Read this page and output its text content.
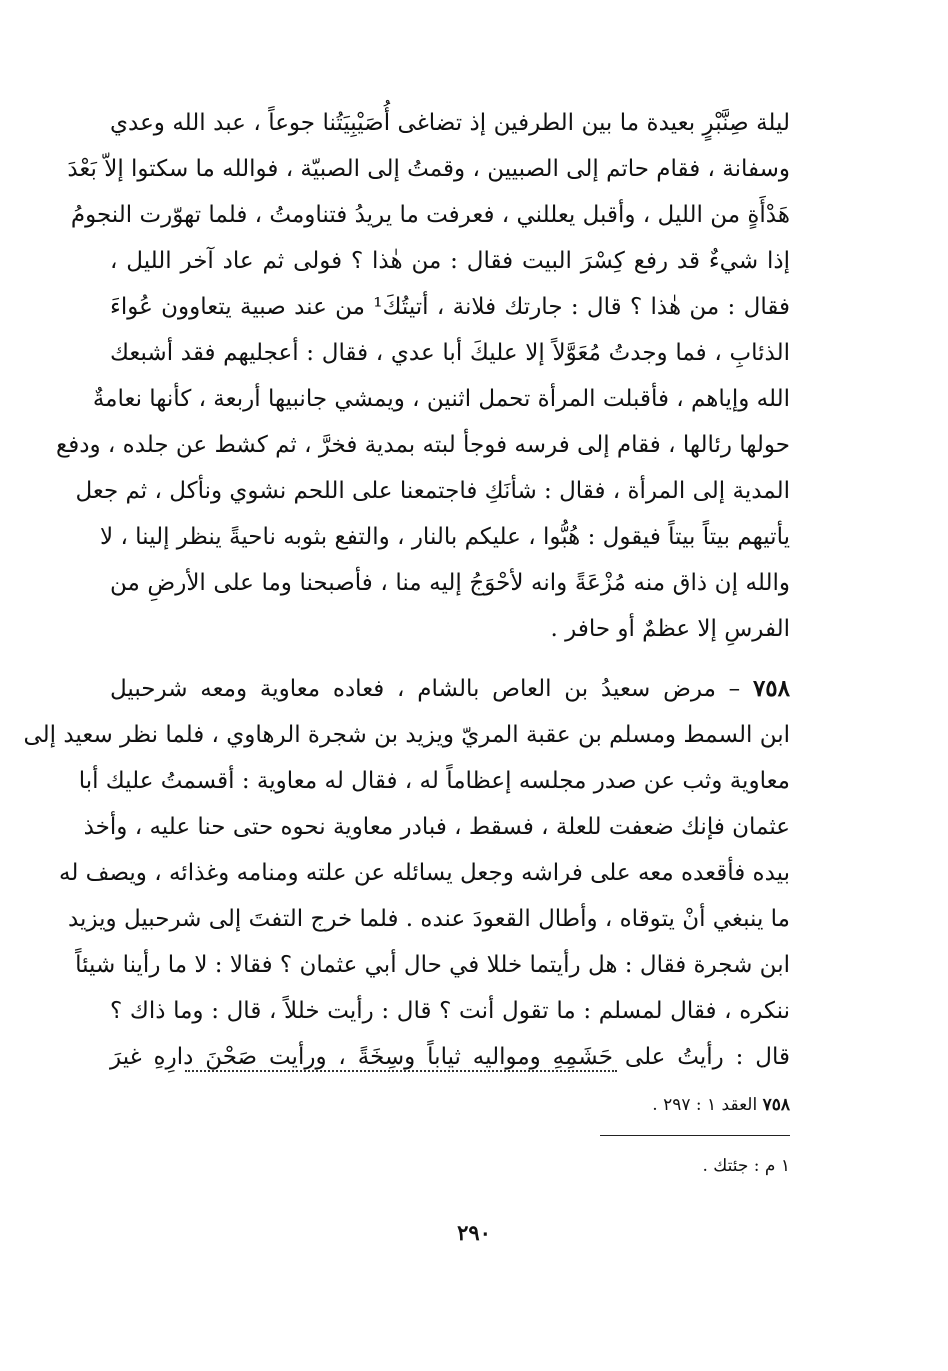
ليلة صِنَّبْرٍ بعيدة ما بين الطرفين إذ تضاغى أُصَيْبِيَتُنا جوعاً ، عبد الله وعدي
وسفانة ، فقام حاتم إلى الصبيين ، وقمتُ إلى الصبيّة ، فوالله ما سكتوا إلاّ بَعْدَ
هَدْأَةٍ من الليل ، وأقبل يعللني ، فعرفت ما يريدُ فتناومتُ ، فلما تهوّرت النجومُ
إذا شيءٌ قد رفع كِسْرَ البيت فقال : من هٰذا ؟ فولى ثم عاد آخر الليل ،
فقال : من هٰذا ؟ قال : جارتك فلانة ، أتيتُكَ¹ من عند صبية يتعاوون عُواءَ
الذئابِ ، فما وجدتُ مُعَوَّلاً إلا عليكَ أبا عدي ، فقال : أعجليهم فقد أشبعك
الله وإياهم ، فأقبلت المرأة تحمل اثنين ، ويمشي جانبيها أربعة ، كأنها نعامةٌ
حولها رئالها ، فقام إلى فرسه فوجأ لبته بمدية فخرَّ ، ثم كشط عن جلده ، ودفع
المدية إلى المرأة ، فقال : شأنَكِ فاجتمعنا على اللحم نشوي ونأكل ، ثم جعل
يأتيهم بيتاً بيتاً فيقول : هُبُّوا ، عليكم بالنار ، والتفع بثوبه ناحيةً ينظر إلينا ، لا
والله إن ذاق منه مُزْعَةً وانه لأحْوَجُ إليه منا ، فأصبحنا وما على الأرضِ من
الفرسِ إلا عظمٌ أو حافر .
٧٥٨ – مرض سعيدُ بن العاص بالشام ، فعاده معاوية ومعه شرحبيل
ابن السمط ومسلم بن عقبة المريّ ويزيد بن شجرة الرهاوي ، فلما نظر سعيد إلى
معاوية وثب عن صدر مجلسه إعظاماً له ، فقال له معاوية : أقسمتُ عليك أبا
عثمان فإنك ضعفت للعلة ، فسقط ، فبادر معاوية نحوه حتى حنا عليه ، وأخذ
بيده فأقعده معه على فراشه وجعل يسائله عن علته ومنامه وغذائه ، ويصف له
ما ينبغي أنْ يتوقاه ، وأطال القعودَ عنده . فلما خرج التفتَ إلى شرحبيل ويزيد
ابن شجرة فقال : هل رأيتما خللا في حال أبي عثمان ؟ فقالا : لا ما رأينا شيئاً
ننكره ، فقال لمسلم : ما تقول أنت ؟ قال : رأيت خللاً ، قال : وما ذاك ؟
قال : رأيتُ على حَشَمِهِ ومواليه ثياباً وسِخَةً ، ورأيت صَحْنَ دارِهِ غيرَ
٧٥٨ العقد ١ : ٢٩٧ .
١ م : جئتك .
٢٩٠
